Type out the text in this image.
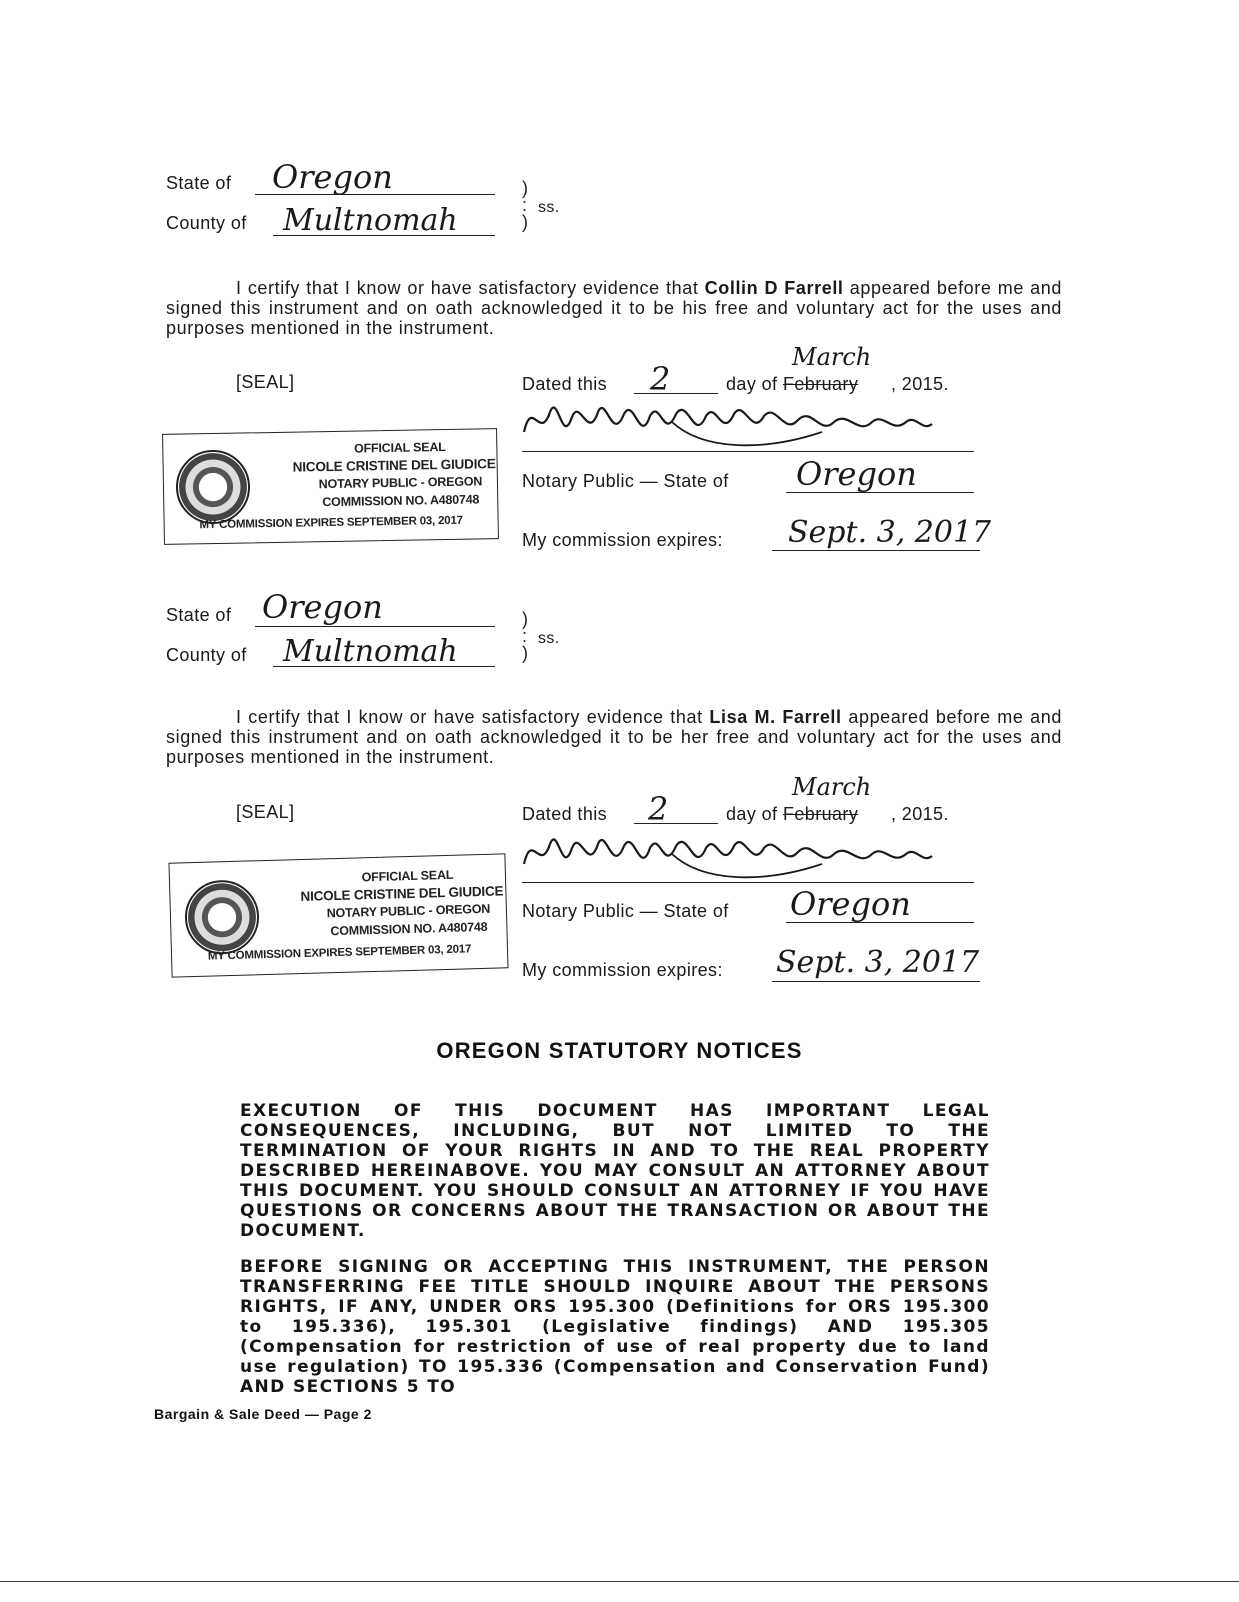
State of Oregon
County of Multnomah
)
:
)
ss.
I certify that I know or have satisfactory evidence that Collin D Farrell appeared before me and signed this instrument and on oath acknowledged it to be his free and voluntary act for the uses and purposes mentioned in the instrument.
[SEAL]	Dated this 2	day of February , 2015.
March
Notary Public — State of Oregon
My commission expires: Sept. 3, 2017
OFFICIAL SEAL
NICOLE CRISTINE DEL GIUDICE
NOTARY PUBLIC - OREGON
COMMISSION NO. A480748
MY COMMISSION EXPIRES SEPTEMBER 03, 2017
State of Oregon
County of Multnomah
)
:
)
ss.
I certify that I know or have satisfactory evidence that Lisa M. Farrell appeared before me and signed this instrument and on oath acknowledged it to be her free and voluntary act for the uses and purposes mentioned in the instrument.
[SEAL]	Dated this 2	day of February , 2015.
March
Notary Public — State of Oregon
My commission expires: Sept. 3, 2017
OFFICIAL SEAL
NICOLE CRISTINE DEL GIUDICE
NOTARY PUBLIC - OREGON
COMMISSION NO. A480748
MY COMMISSION EXPIRES SEPTEMBER 03, 2017
OREGON STATUTORY NOTICES
EXECUTION OF THIS DOCUMENT HAS IMPORTANT LEGAL CONSEQUENCES, INCLUDING, BUT NOT LIMITED TO THE TERMINATION OF YOUR RIGHTS IN AND TO THE REAL PROPERTY DESCRIBED HEREINABOVE. YOU MAY CONSULT AN ATTORNEY ABOUT THIS DOCUMENT. YOU SHOULD CONSULT AN ATTORNEY IF YOU HAVE QUESTIONS OR CONCERNS ABOUT THE TRANSACTION OR ABOUT THE DOCUMENT.
BEFORE SIGNING OR ACCEPTING THIS INSTRUMENT, THE PERSON TRANSFERRING FEE TITLE SHOULD INQUIRE ABOUT THE PERSONS RIGHTS, IF ANY, UNDER ORS 195.300 (Definitions for ORS 195.300 to 195.336), 195.301 (Legislative findings) AND 195.305 (Compensation for restriction of use of real property due to land use regulation) TO 195.336 (Compensation and Conservation Fund) AND SECTIONS 5 TO
Bargain & Sale Deed — Page 2
